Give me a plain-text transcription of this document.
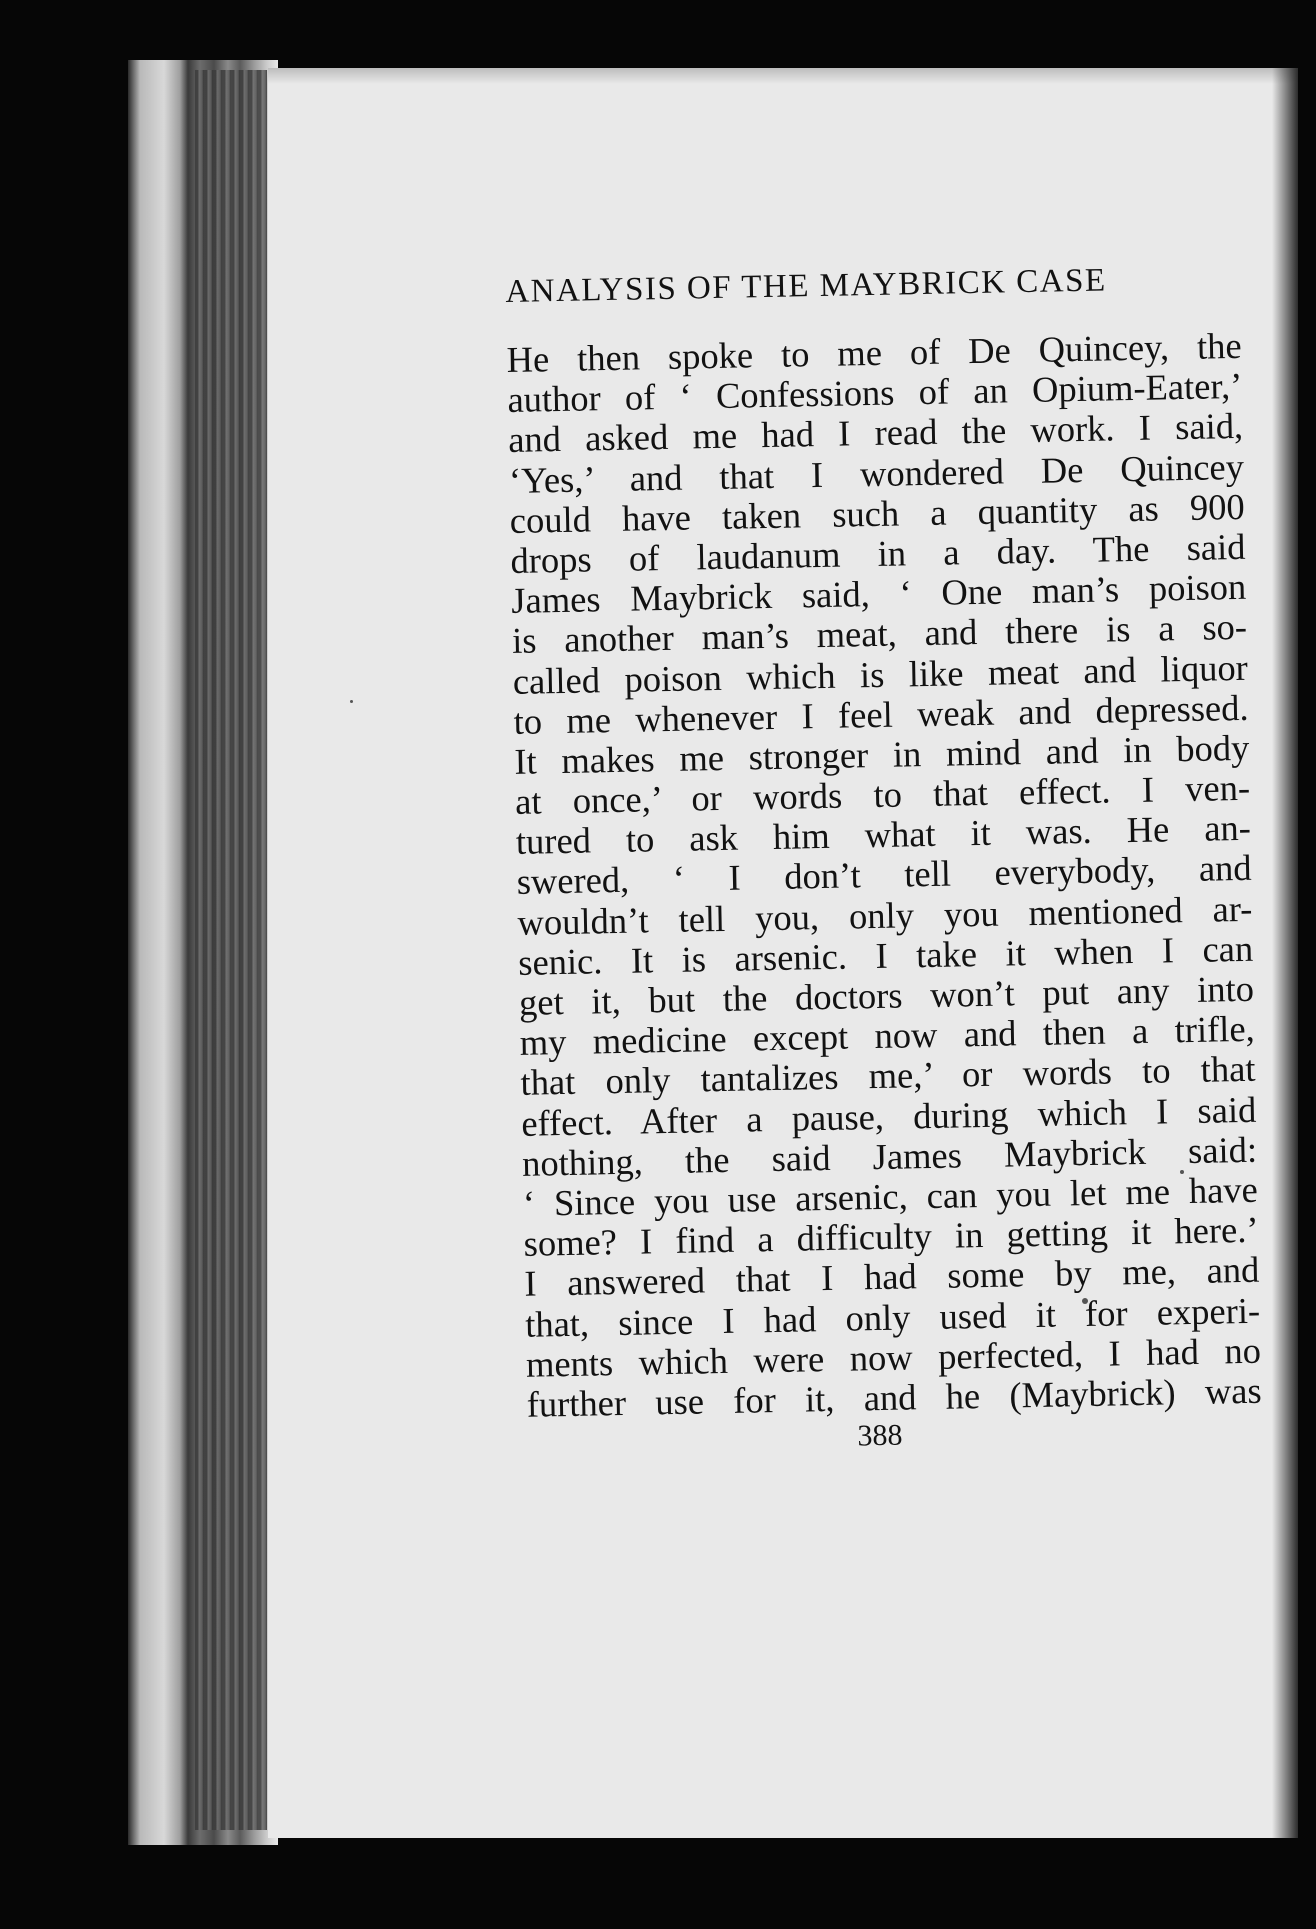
ANALYSIS OF THE MAYBRICK CASE
He then spoke to me of De Quincey, the
author of ‘ Confessions of an Opium-Eater,’
and asked me had I read the work. I said,
‘Yes,’ and that I wondered De Quincey
could have taken such a quantity as 900
drops of laudanum in a day. The said
James Maybrick said, ‘ One man’s poison
is another man’s meat, and there is a so-
called poison which is like meat and liquor
to me whenever I feel weak and depressed.
It makes me stronger in mind and in body
at once,’ or words to that effect. I ven-
tured to ask him what it was. He an-
swered, ‘ I don’t tell everybody, and
wouldn’t tell you, only you mentioned ar-
senic. It is arsenic. I take it when I can
get it, but the doctors won’t put any into
my medicine except now and then a trifle,
that only tantalizes me,’ or words to that
effect. After a pause, during which I said
nothing, the said James Maybrick said:
‘ Since you use arsenic, can you let me have
some? I find a difficulty in getting it here.’
I answered that I had some by me, and
that, since I had only used it for experi-
ments which were now perfected, I had no
further use for it, and he (Maybrick) was
388
